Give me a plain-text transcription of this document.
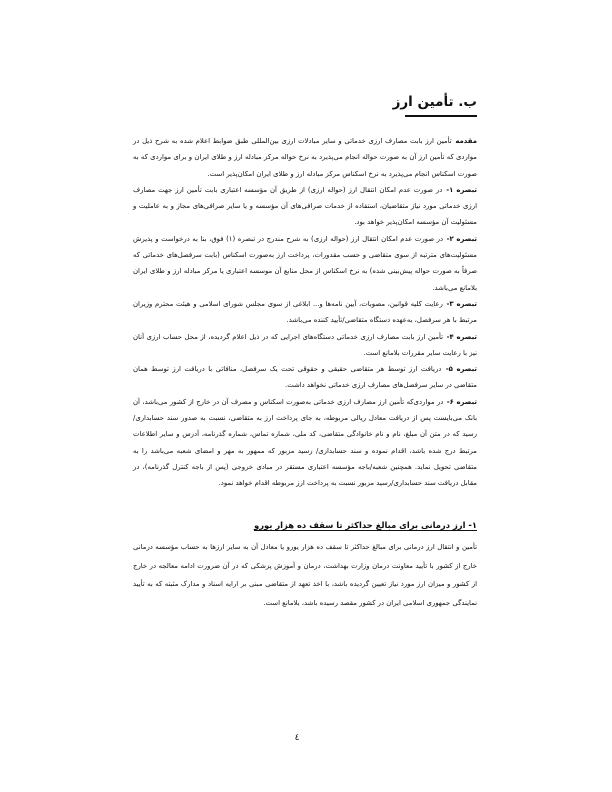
ب. تأمین ارز

مقدمه تأمین ارز بابت مصارف ارزی خدماتی و سایر مبادلات ارزی بین‌المللی طبق ضوابط اعلام شده به شرح ذیل در مواردی که تأمین ارز آن به صورت حواله انجام می‌پذیرد به نرخ حواله مرکز مبادله ارز و طلای ایران و برای مواردی که به صورت اسکناس انجام می‌پذیرد به نرخ اسکناس مرکز مبادله ارز و طلای ایران امکان‌پذیر است.

تبصره ۱- در صورت عدم امکان انتقال ارز (حواله ارزی) از طریق آن مؤسسه اعتباری بابت تأمین ارز جهت مصارف ارزی خدماتی مورد نیاز متقاضیان، استفاده از خدمات صرافی‌های آن مؤسسه و یا سایر صرافی‌های مجاز و به عاملیت و مسئولیت آن مؤسسه امکان‌پذیر خواهد بود.

تبصره ۲- در صورت عدم امکان انتقال ارز (حواله ارزی) به شرح مندرج در تبصره (۱) فوق، بنا به درخواست و پذیرش مسئولیت‌های مترتبه از سوی متقاضی و حسب مقدورات، پرداخت ارز به‌صورت اسکناس (بابت سرفصل‌های خدماتی که صرفاً به صورت حواله پیش‌بینی شده) به نرخ اسکناس از محل منابع آن موسسه اعتباری یا مرکز مبادله ارز و طلای ایران بلامانع می‌باشد.

تبصره ۳- رعایت کلیه قوانین، مصوبات، آیین نامه‌ها و... ابلاغی از سوی مجلس شورای اسلامی و هیئت محترم وزیران مرتبط با هر سرفصل، به‌عهده دستگاه متقاضی/تأیید کننده می‌باشد.

تبصره ۴- تأمین ارز بابت مصارف ارزی خدماتی دستگاه‌های اجرایی که در ذیل اعلام گردیده، از محل حساب ارزی آنان نیز با رعایت سایر مقررات بلامانع است.

تبصره ۵- دریافت ارز توسط هر متقاضی حقیقی و حقوقی تحت یک سرفصل، منافاتی با دریافت ارز توسط همان متقاضی در سایر سرفصل‌های مصارف ارزی خدماتی نخواهد داشت.

تبصره ۶- در مواردی‌که تأمین ارز مصارف ارزی خدماتی به‌صورت اسکناس و مصرف آن در خارج از کشور می‌باشد، آن بانک می‌بایست پس از دریافت معادل ریالی مربوطه، به جای پرداخت ارز به متقاضی، نسبت به صدور سند حسابداری/ رسید که در متن آن مبلغ، نام و نام خانوادگی متقاضی، کد ملی، شماره تماس، شماره گذرنامه، آدرس و سایر اطلاعات مرتبط درج شده باشد، اقدام نموده و سند حسابداری/ رسید مزبور که ممهور به مهر و امضای شعبه می‌باشد را به متقاضی تحویل نماید. همچنین شعبه/باجه مؤسسه اعتباری مستقر در مبادی خروجی (پس از باجه کنترل گذرنامه)، در مقابل دریافت سند حسابداری/رسید مزبور نسبت به پرداخت ارز مربوطه اقدام خواهد نمود.

۱- ارز درمانی برای مبالغ حداکثر تا سقف ده هزار یورو

تأمین و انتقال ارز درمانی برای مبالغ حداکثر تا سقف ده هزار یورو یا معادل آن به سایر ارزها به حساب مؤسسه درمانی خارج از کشور با تأیید معاونت درمان وزارت بهداشت، درمان و آموزش پزشکی که در آن ضرورت ادامه معالجه در خارج از کشور و میزان ارز مورد نیاز تعیین گردیده باشد، با اخذ تعهد از متقاضی مبنی بر ارایه اسناد و مدارک مثبته که به تأیید نمایندگی جمهوری اسلامی ایران در کشور مقصد رسیده باشد، بلامانع است.

٤
